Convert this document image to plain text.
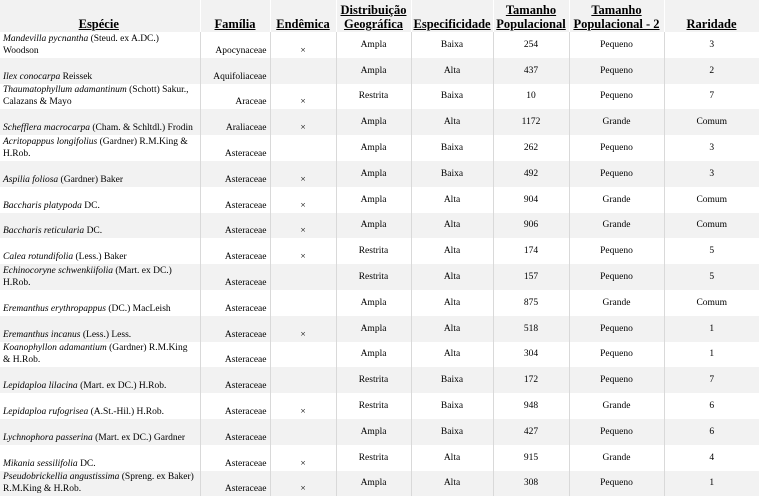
Espécie	Família	Endêmica	Distribuição Geográfica	Especificidade	Tamanho Populacional	Tamanho Populacional - 2	Raridade
Mandevilla pycnantha (Steud. ex A.DC.) Woodson	Apocynaceae	×	Ampla	Baixa	254	Pequeno	3
Ilex conocarpa Reissek	Aquifoliaceae		Ampla	Alta	437	Pequeno	2
Thaumatophyllum adamantinum (Schott) Sakur., Calazans & Mayo	Araceae	×	Restrita	Baixa	10	Pequeno	7
Schefflera macrocarpa (Cham. & Schltdl.) Frodin	Araliaceae	×	Ampla	Alta	1172	Grande	Comum
Acritopappus longifolius (Gardner) R.M.King & H.Rob.	Asteraceae		Ampla	Baixa	262	Pequeno	3
Aspilia foliosa (Gardner) Baker	Asteraceae	×	Ampla	Baixa	492	Pequeno	3
Baccharis platypoda DC.	Asteraceae	×	Ampla	Alta	904	Grande	Comum
Baccharis reticularia DC.	Asteraceae	×	Ampla	Alta	906	Grande	Comum
Calea rotundifolia (Less.) Baker	Asteraceae	×	Restrita	Alta	174	Pequeno	5
Echinocoryne schwenkiifolia (Mart. ex DC.) H.Rob.	Asteraceae		Restrita	Alta	157	Pequeno	5
Eremanthus erythropappus (DC.) MacLeish	Asteraceae		Ampla	Alta	875	Grande	Comum
Eremanthus incanus (Less.) Less.	Asteraceae	×	Ampla	Alta	518	Pequeno	1
Koanophyllon adamantium (Gardner) R.M.King & H.Rob.	Asteraceae		Ampla	Alta	304	Pequeno	1
Lepidaploa lilacina (Mart. ex DC.) H.Rob.	Asteraceae		Restrita	Baixa	172	Pequeno	7
Lepidaploa rufogrisea (A.St.-Hil.) H.Rob.	Asteraceae	×	Restrita	Baixa	948	Grande	6
Lychnophora passerina (Mart. ex DC.) Gardner	Asteraceae		Ampla	Baixa	427	Pequeno	6
Mikania sessilifolia DC.	Asteraceae	×	Restrita	Alta	915	Grande	4
Pseudobrickellia angustissima (Spreng. ex Baker) R.M.King & H.Rob.	Asteraceae	×	Ampla	Alta	308	Pequeno	1
